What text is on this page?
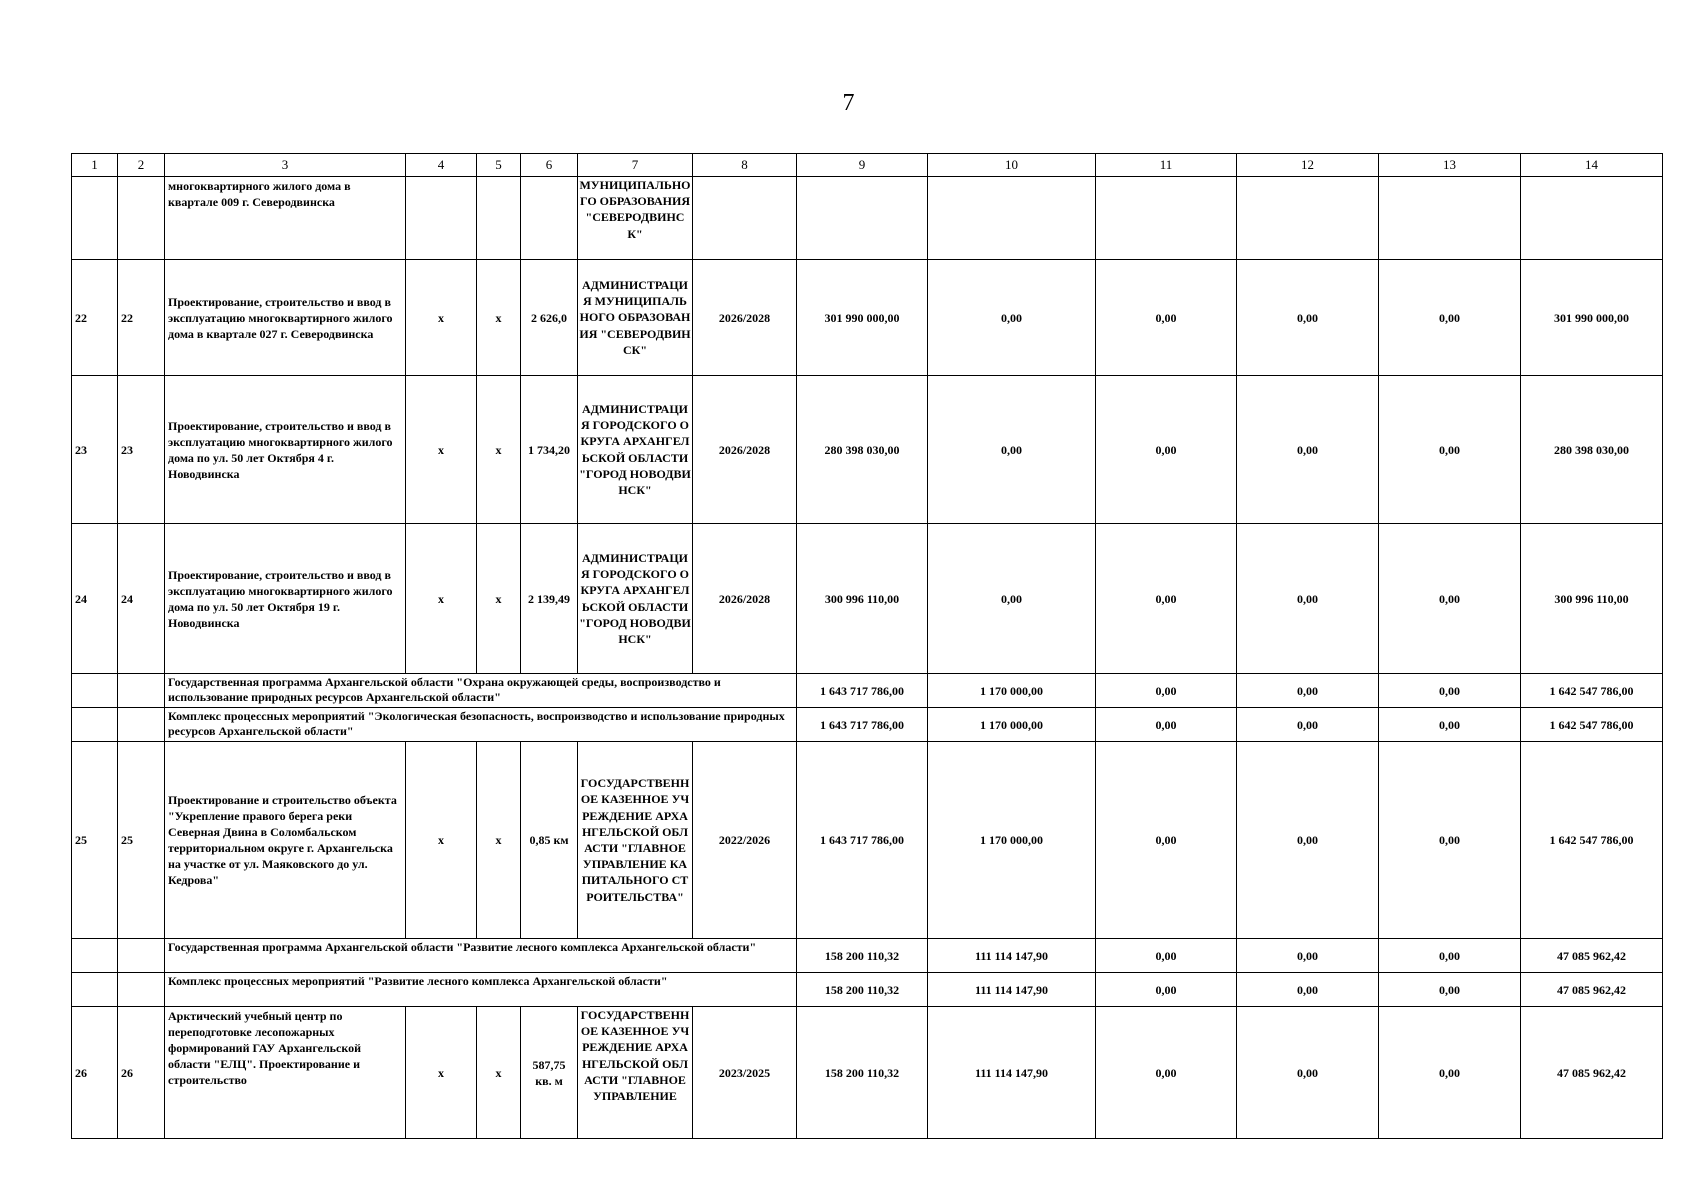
7
1	2	3	4	5	6	7	8	9	10	11	12	13	14
		многоквартирного жилого дома в квартале 009 г. Северодвинска				МУНИЦИПАЛЬНОГО ОБРАЗОВАНИЯ "СЕВЕРОДВИНСК"							
22	22	Проектирование, строительство и ввод в эксплуатацию многоквартирного жилого дома в квартале 027 г. Северодвинска	х	х	2 626,0	АДМИНИСТРАЦИЯ МУНИЦИПАЛЬНОГО ОБРАЗОВАНИЯ "СЕВЕРОДВИНСК"	2026/2028	301 990 000,00	0,00	0,00	0,00	0,00	301 990 000,00
23	23	Проектирование, строительство и ввод в эксплуатацию многоквартирного жилого дома по ул. 50 лет Октября 4 г. Новодвинска	х	х	1 734,20	АДМИНИСТРАЦИЯ ГОРОДСКОГО ОКРУГА АРХАНГЕЛЬСКОЙ ОБЛАСТИ "ГОРОД НОВОДВИНСК"	2026/2028	280 398 030,00	0,00	0,00	0,00	0,00	280 398 030,00
24	24	Проектирование, строительство и ввод в эксплуатацию многоквартирного жилого дома по ул. 50 лет Октября 19 г. Новодвинска	х	х	2 139,49	АДМИНИСТРАЦИЯ ГОРОДСКОГО ОКРУГА АРХАНГЕЛЬСКОЙ ОБЛАСТИ "ГОРОД НОВОДВИНСК"	2026/2028	300 996 110,00	0,00	0,00	0,00	0,00	300 996 110,00
		Государственная программа Архангельской области "Охрана окружающей среды, воспроизводство и использование природных ресурсов Архангельской области"						1 643 717 786,00	1 170 000,00	0,00	0,00	0,00	1 642 547 786,00
		Комплекс процессных мероприятий "Экологическая безопасность, воспроизводство и использование природных ресурсов Архангельской области"						1 643 717 786,00	1 170 000,00	0,00	0,00	0,00	1 642 547 786,00
25	25	Проектирование и строительство объекта "Укрепление правого берега реки Северная Двина в Соломбальском территориальном округе г. Архангельска на участке от ул. Маяковского до ул. Кедрова"	х	х	0,85 км	ГОСУДАРСТВЕННОЕ КАЗЕННОЕ УЧРЕЖДЕНИЕ АРХАНГЕЛЬСКОЙ ОБЛАСТИ "ГЛАВНОЕ УПРАВЛЕНИЕ КАПИТАЛЬНОГО СТРОИТЕЛЬСТВА"	2022/2026	1 643 717 786,00	1 170 000,00	0,00	0,00	0,00	1 642 547 786,00
		Государственная программа Архангельской области "Развитие лесного комплекса Архангельской области"						158 200 110,32	111 114 147,90	0,00	0,00	0,00	47 085 962,42
		Комплекс процессных мероприятий "Развитие лесного комплекса Архангельской области"						158 200 110,32	111 114 147,90	0,00	0,00	0,00	47 085 962,42
26	26	Арктический учебный центр по переподготовке лесопожарных формирований ГАУ Архангельской области "ЕЛЦ". Проектирование и строительство	х	х	587,75 кв. м	ГОСУДАРСТВЕННОЕ КАЗЕННОЕ УЧРЕЖДЕНИЕ АРХАНГЕЛЬСКОЙ ОБЛАСТИ "ГЛАВНОЕ УПРАВЛЕНИЕ	2023/2025	158 200 110,32	111 114 147,90	0,00	0,00	0,00	47 085 962,42
